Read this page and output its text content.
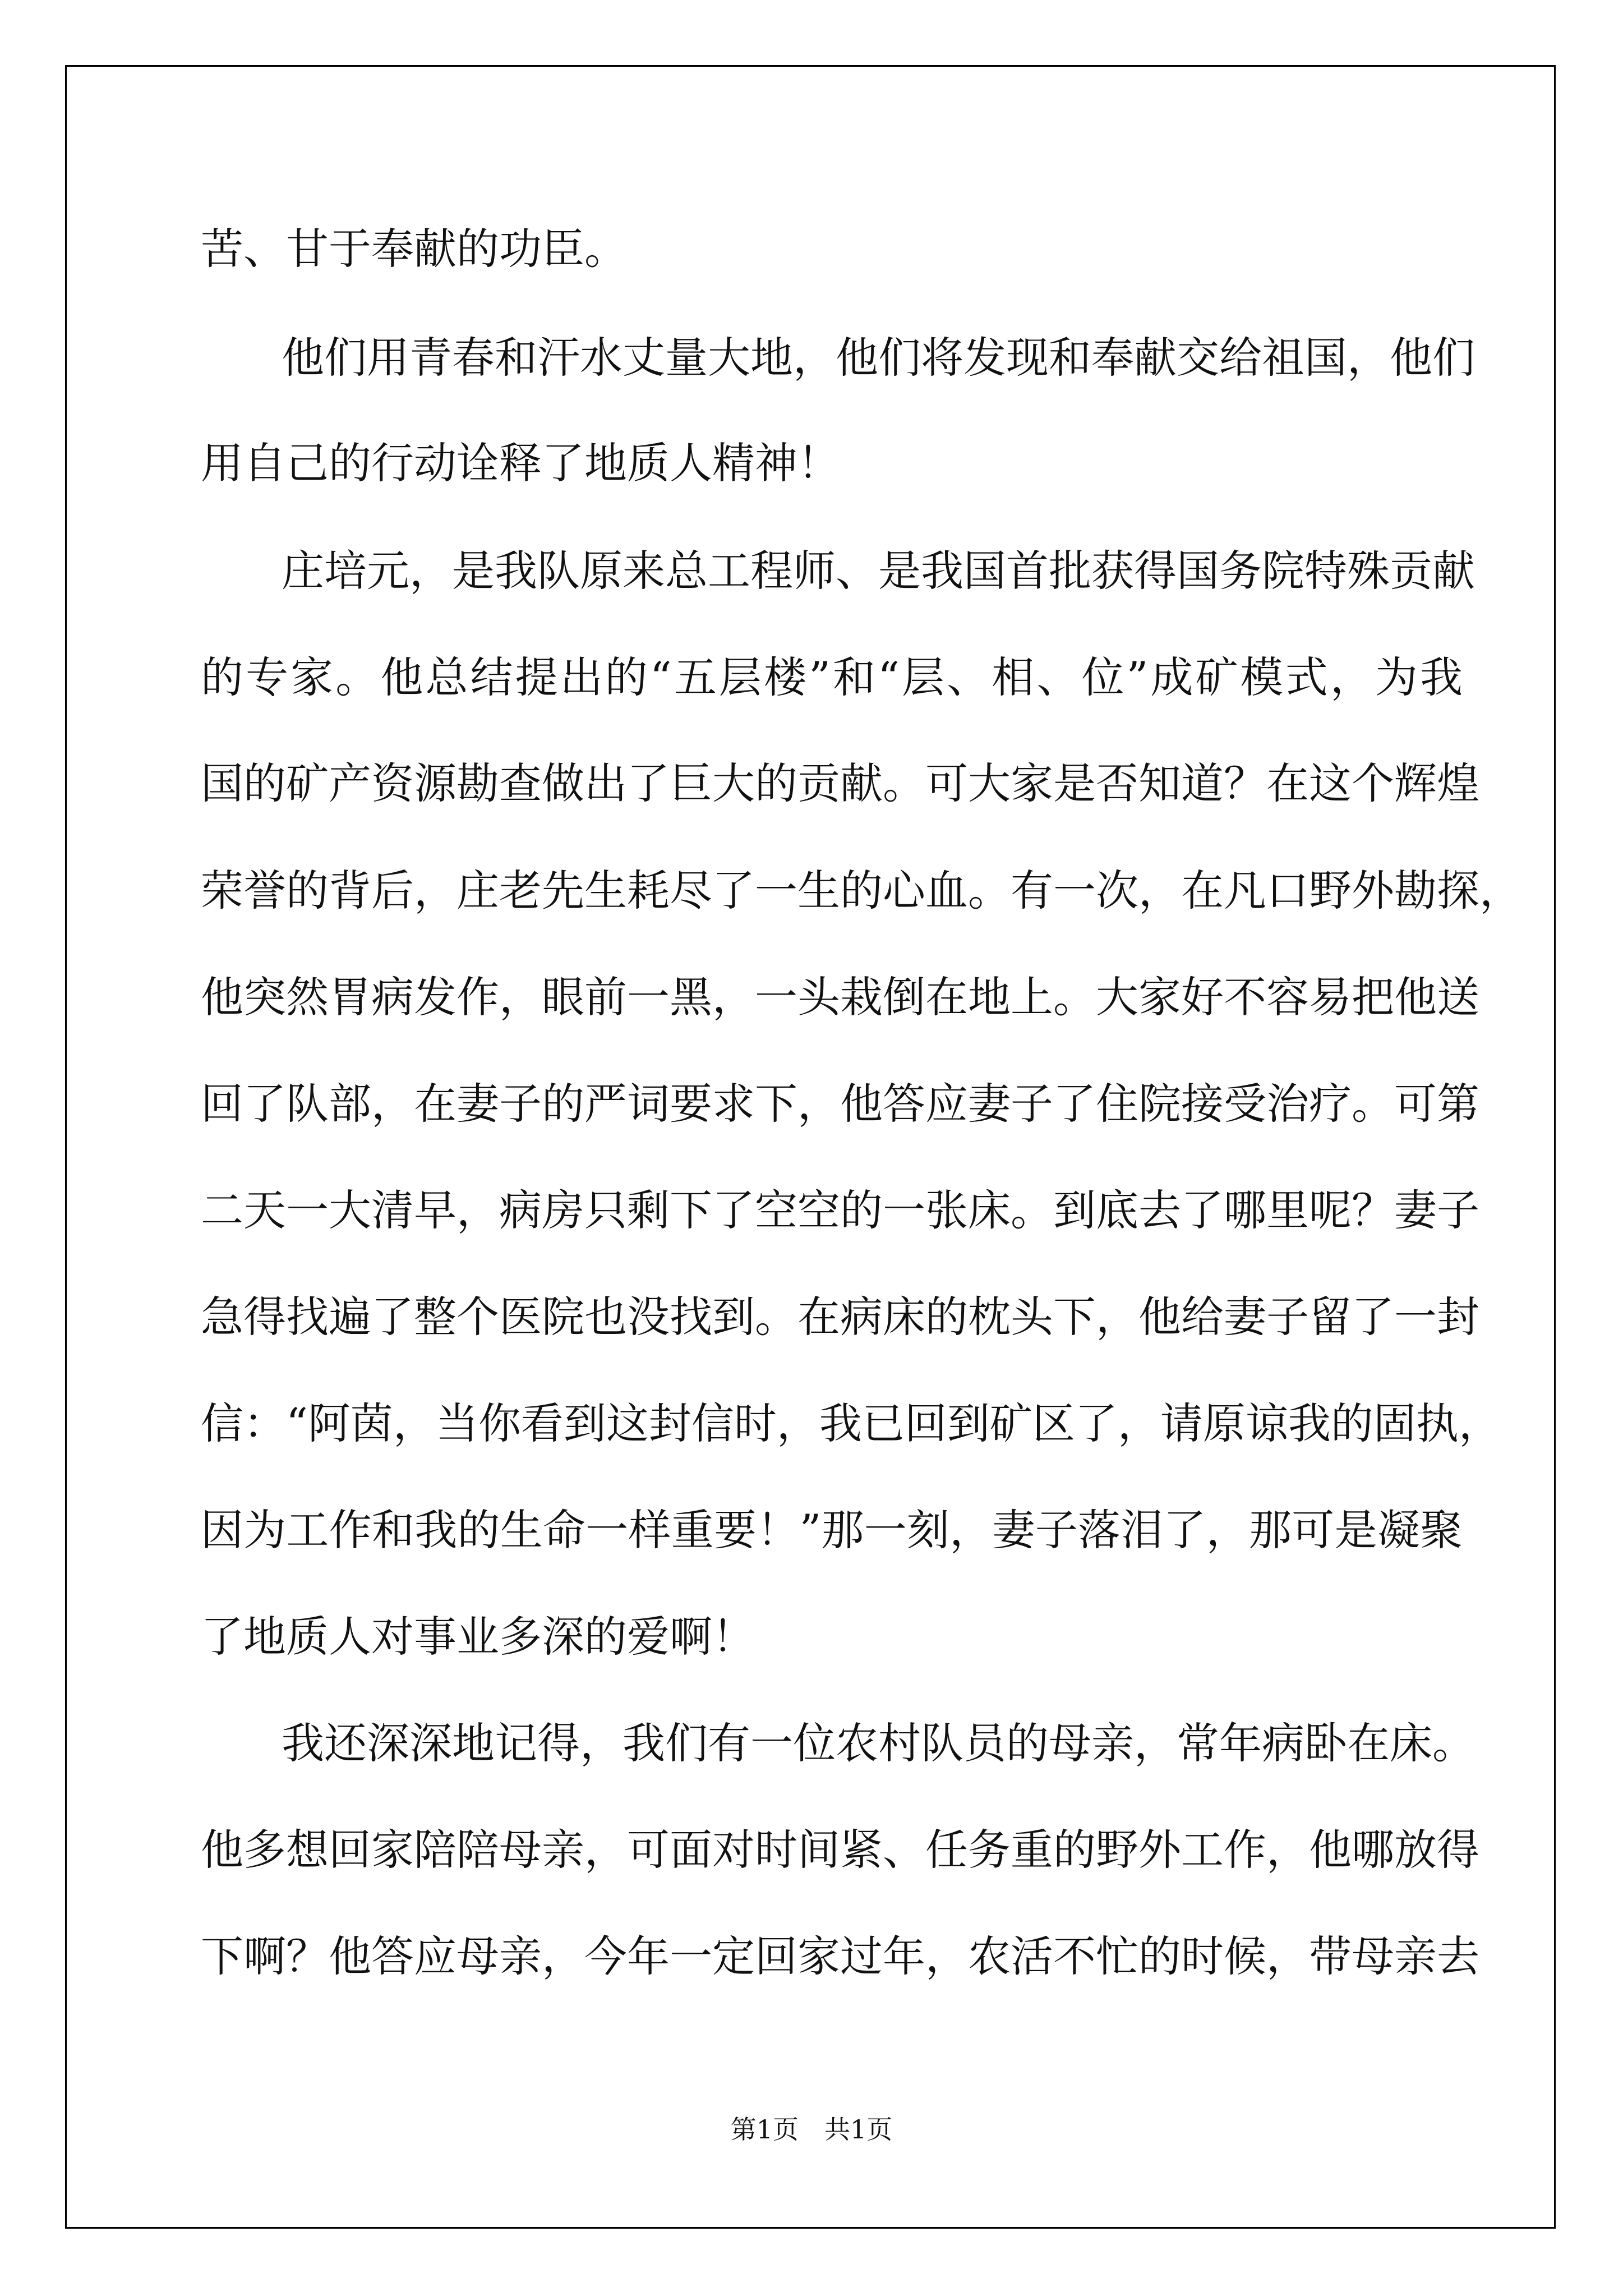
苦、甘于奉献的功臣。
他们用青春和汗水丈量大地，他们将发现和奉献交给祖国，他们
用自己的行动诠释了地质人精神！
庄培元，是我队原来总工程师、是我国首批获得国务院特殊贡献
的专家。他总结提出的“五层楼”和“层、相、位”成矿模式，为我
国的矿产资源勘查做出了巨大的贡献。可大家是否知道？在这个辉煌
荣誉的背后，庄老先生耗尽了一生的心血。有一次，在凡口野外勘探，
他突然胃病发作，眼前一黑，一头栽倒在地上。大家好不容易把他送
回了队部，在妻子的严词要求下，他答应妻子了住院接受治疗。可第
二天一大清早，病房只剩下了空空的一张床。到底去了哪里呢？妻子
急得找遍了整个医院也没找到。在病床的枕头下，他给妻子留了一封
信：“阿茵，当你看到这封信时，我已回到矿区了，请原谅我的固执，
因为工作和我的生命一样重要！”那一刻，妻子落泪了，那可是凝聚
了地质人对事业多深的爱啊！
我还深深地记得，我们有一位农村队员的母亲，常年病卧在床。
他多想回家陪陪母亲，可面对时间紧、任务重的野外工作，他哪放得
下啊？他答应母亲，今年一定回家过年，农活不忙的时候，带母亲去
第1页　共1页
